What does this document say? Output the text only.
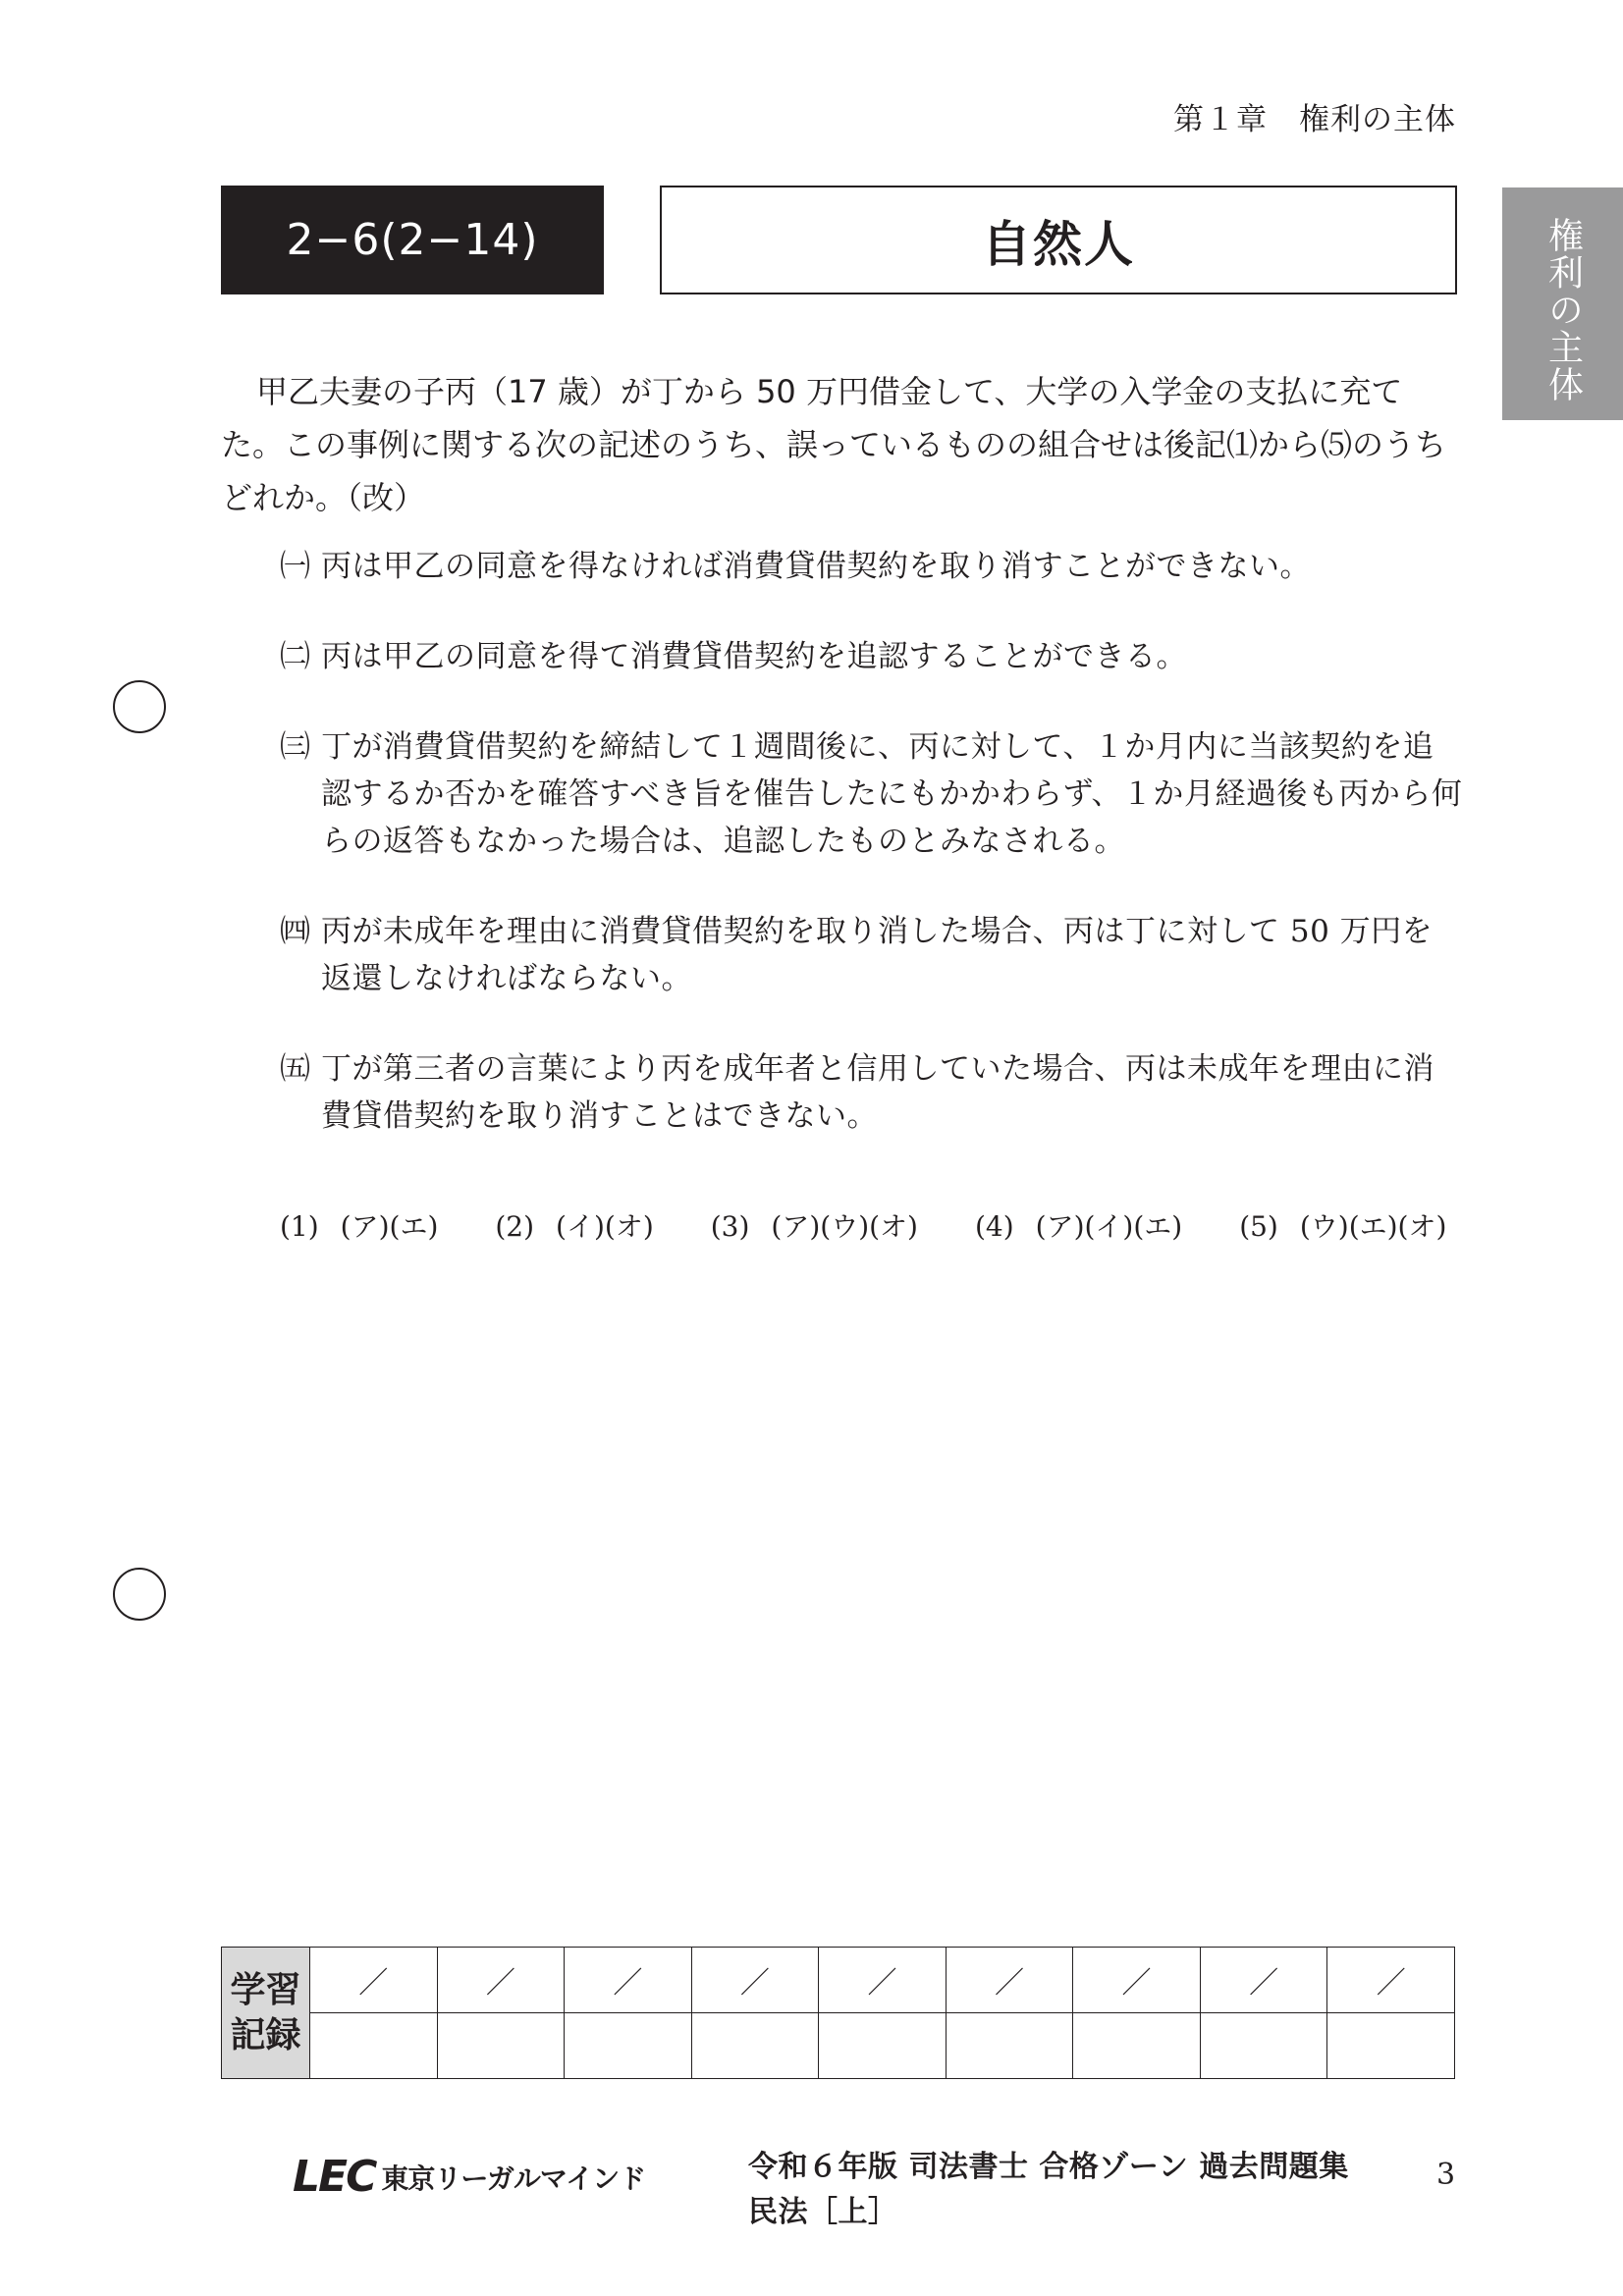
第１章　権利の主体
権利の主体
2−6(2−14)	自然人

甲乙夫妻の子丙（17 歳）が丁から 50 万円借金して、大学の入学金の支払に充てた。この事例に関する次の記述のうち、誤っているものの組合せは後記⑴から⑸のうちどれか。（改）

㈠ 丙は甲乙の同意を得なければ消費貸借契約を取り消すことができない。

㈡ 丙は甲乙の同意を得て消費貸借契約を追認することができる。

㈢ 丁が消費貸借契約を締結して１週間後に、丙に対して、１か月内に当該契約を追認するか否かを確答すべき旨を催告したにもかかわらず、１か月経過後も丙から何らの返答もなかった場合は、追認したものとみなされる。

㈣ 丙が未成年を理由に消費貸借契約を取り消した場合、丙は丁に対して 50 万円を返還しなければならない。

㈤ 丁が第三者の言葉により丙を成年者と信用していた場合、丙は未成年を理由に消費貸借契約を取り消すことはできない。

(1) (ア)(エ) (2) (イ)(オ) (3) (ア)(ウ)(オ) (4) (ア)(イ)(エ) (5) (ウ)(エ)(オ)
学習
記録	／	／	／	／	／	／	／	／	／

LEC 東京リーガルマインド	令和６年版 司法書士 合格ゾーン 過去問題集
民法［上］
3
